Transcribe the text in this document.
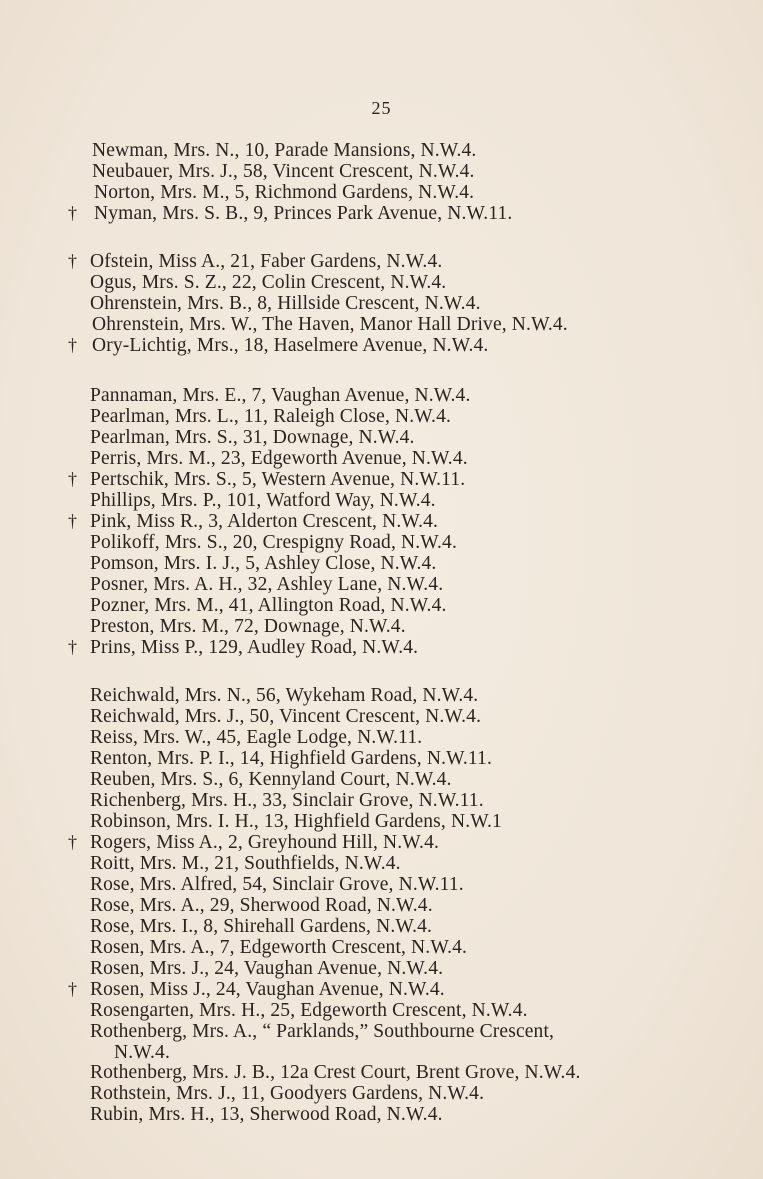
25
Newman, Mrs. N., 10, Parade Mansions, N.W.4.
Neubauer, Mrs. J., 58, Vincent Crescent, N.W.4.
Norton, Mrs. M., 5, Richmond Gardens, N.W.4.
† Nyman, Mrs. S. B., 9, Princes Park Avenue, N.W.11.
† Ofstein, Miss A., 21, Faber Gardens, N.W.4.
Ogus, Mrs. S. Z., 22, Colin Crescent, N.W.4.
Ohrenstein, Mrs. B., 8, Hillside Crescent, N.W.4.
Ohrenstein, Mrs. W., The Haven, Manor Hall Drive, N.W.4.
† Ory-Lichtig, Mrs., 18, Haselmere Avenue, N.W.4.
Pannaman, Mrs. E., 7, Vaughan Avenue, N.W.4.
Pearlman, Mrs. L., 11, Raleigh Close, N.W.4.
Pearlman, Mrs. S., 31, Downage, N.W.4.
Perris, Mrs. M., 23, Edgeworth Avenue, N.W.4.
† Pertschik, Mrs. S., 5, Western Avenue, N.W.11.
Phillips, Mrs. P., 101, Watford Way, N.W.4.
† Pink, Miss R., 3, Alderton Crescent, N.W.4.
Polikoff, Mrs. S., 20, Crespigny Road, N.W.4.
Pomson, Mrs. I. J., 5, Ashley Close, N.W.4.
Posner, Mrs. A. H., 32, Ashley Lane, N.W.4.
Pozner, Mrs. M., 41, Allington Road, N.W.4.
Preston, Mrs. M., 72, Downage, N.W.4.
† Prins, Miss P., 129, Audley Road, N.W.4.
Reichwald, Mrs. N., 56, Wykeham Road, N.W.4.
Reichwald, Mrs. J., 50, Vincent Crescent, N.W.4.
Reiss, Mrs. W., 45, Eagle Lodge, N.W.11.
Renton, Mrs. P. I., 14, Highfield Gardens, N.W.11.
Reuben, Mrs. S., 6, Kennyland Court, N.W.4.
Richenberg, Mrs. H., 33, Sinclair Grove, N.W.11.
Robinson, Mrs. I. H., 13, Highfield Gardens, N.W.1
† Rogers, Miss A., 2, Greyhound Hill, N.W.4.
Roitt, Mrs. M., 21, Southfields, N.W.4.
Rose, Mrs. Alfred, 54, Sinclair Grove, N.W.11.
Rose, Mrs. A., 29, Sherwood Road, N.W.4.
Rose, Mrs. I., 8, Shirehall Gardens, N.W.4.
Rosen, Mrs. A., 7, Edgeworth Crescent, N.W.4.
Rosen, Mrs. J., 24, Vaughan Avenue, N.W.4.
† Rosen, Miss J., 24, Vaughan Avenue, N.W.4.
Rosengarten, Mrs. H., 25, Edgeworth Crescent, N.W.4.
Rothenberg, Mrs. A., “ Parklands,” Southbourne Crescent,
N.W.4.
Rothenberg, Mrs. J. B., 12a Crest Court, Brent Grove, N.W.4.
Rothstein, Mrs. J., 11, Goodyers Gardens, N.W.4.
Rubin, Mrs. H., 13, Sherwood Road, N.W.4.
